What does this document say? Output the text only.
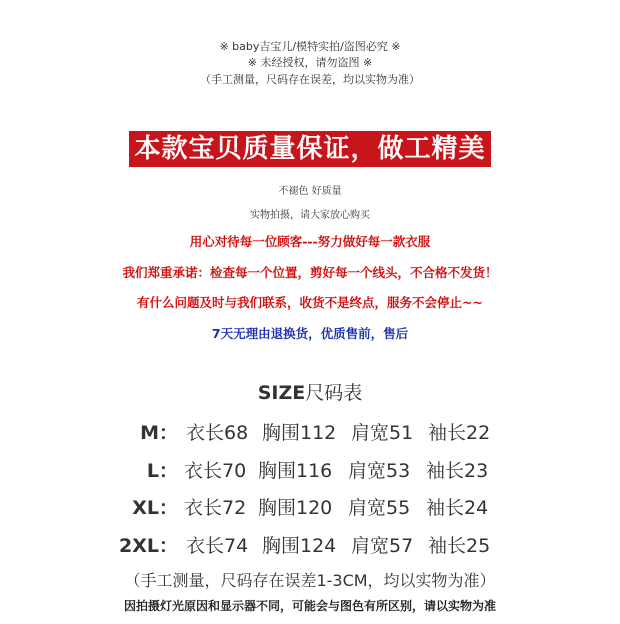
※ baby吉宝儿/模特实拍/盗图必究 ※
※ 未经授权，请勿盗图 ※
（手工测量，尺码存在误差，均以实物为准）
本款宝贝质量保证，做工精美
不褪色 好质量
实物拍摄，请大家放心购买
用心对待每一位顾客---努力做好每一款衣服
我们郑重承诺：检查每一个位置，剪好每一个线头，不合格不发货！
有什么问题及时与我们联系，收货不是终点，服务不会停止~~
7天无理由退换货，优质售前，售后
SIZE尺码表
M： 衣长68 胸围112 肩宽51 袖长22
L： 衣长70 胸围116 肩宽53 袖长23
XL： 衣长72 胸围120 肩宽55 袖长24
2XL： 衣长74 胸围124 肩宽57 袖长25
（手工测量，尺码存在误差1-3CM，均以实物为准）
因拍摄灯光原因和显示器不同，可能会与图色有所区别，请以实物为准
